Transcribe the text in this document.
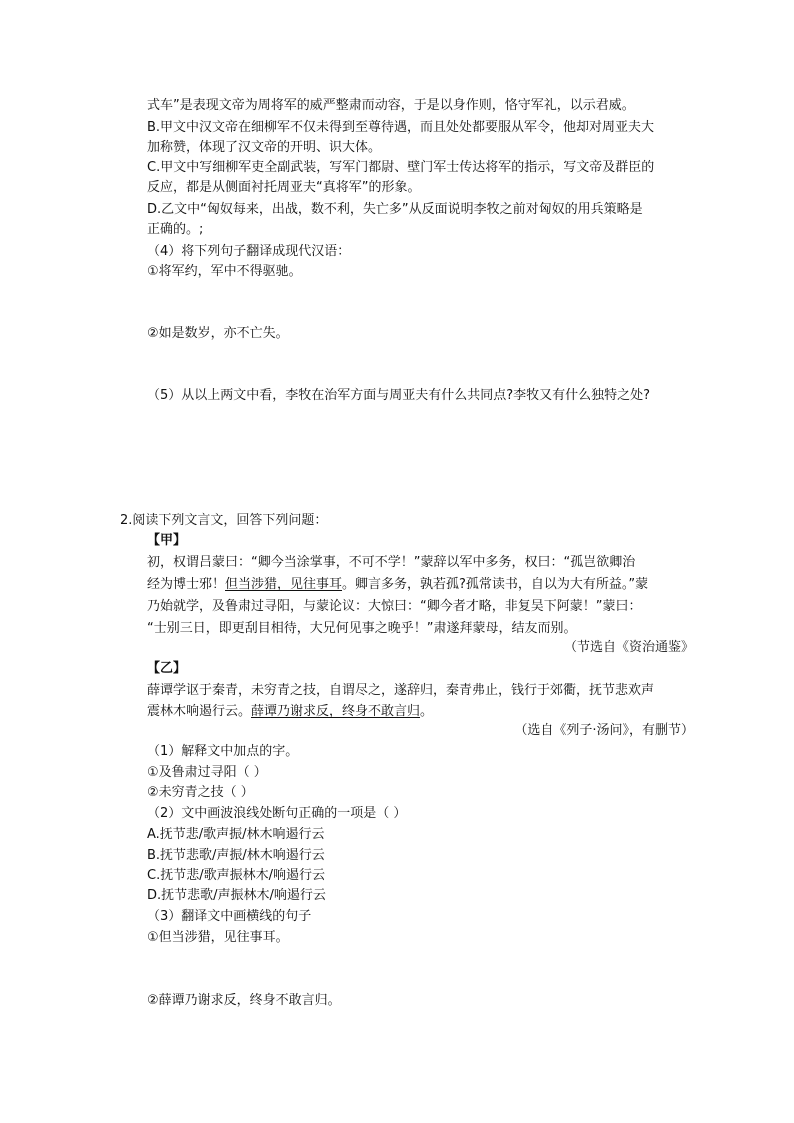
式车”是表现文帝为周将军的威严整肃而动容，于是以身作则，恪守军礼，以示君威。
B.甲文中汉文帝在细柳军不仅未得到至尊待遇，而且处处都要服从军令，他却对周亚夫大
加称赞，体现了汉文帝的开明、识大体。
C.甲文中写细柳军吏全副武装，写军门都尉、壁门军士传达将军的指示，写文帝及群臣的
反应，都是从侧面衬托周亚夫“真将军”的形象。
D.乙文中“匈奴每来，出战，数不利，失亡多”从反面说明李牧之前对匈奴的用兵策略是
正确的。;
（4）将下列句子翻译成现代汉语：
①将军约，军中不得驱驰。
②如是数岁，亦不亡失。
（5）从以上两文中看，李牧在治军方面与周亚夫有什么共同点?李牧又有什么独特之处?
2.阅读下列文言文，回答下列问题：
【甲】
初，权谓吕蒙曰：“卿今当涂掌事，不可不学！”蒙辞以军中多务，权曰：“孤岂欲卿治
经为博士邪！但当涉猎，见往事耳。卿言多务，孰若孤?孤常读书，自以为大有所益。”蒙
乃始就学，及鲁肃过寻阳，与蒙论议：大惊曰：“卿今者才略，非复吴下阿蒙！”蒙曰：
“士别三日，即更刮目相待，大兄何见事之晚乎！”肃遂拜蒙母，结友而别。
（节选自《资治通鉴》
【乙】
薛谭学讴于秦青，未穷青之技，自谓尽之，遂辞归，秦青弗止，钱行于郊衢，抚节悲欢声
震林木响遏行云。薛谭乃谢求反，终身不敢言归。
（选自《列子·汤问》，有删节）
（1）解释文中加点的字。
①及鲁肃过寻阳（ ）
②未穷青之技（ ）
（2）文中画波浪线处断句正确的一项是（ ）
A.抚节悲/歌声振/林木响遏行云
B.抚节悲歌/声振/林木响遏行云
C.抚节悲/歌声振林木/响遏行云
D.抚节悲歌/声振林木/响遏行云
（3）翻译文中画横线的句子
①但当涉猎，见往事耳。
②薛谭乃谢求反，终身不敢言归。
